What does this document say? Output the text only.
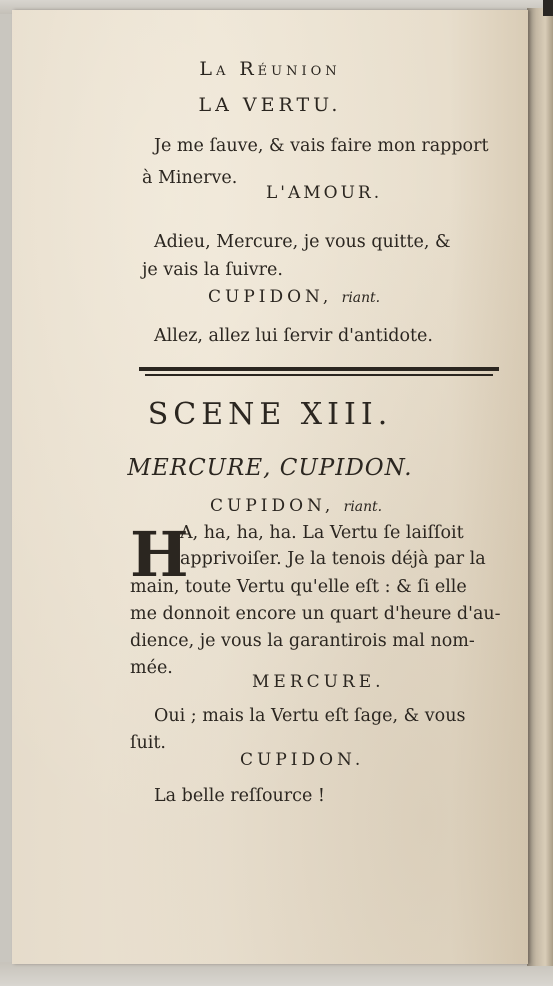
La Réunion
LA VERTU.
Je me ſauve, & vais faire mon rapport
à Minerve.
L'AMOUR.
Adieu, Mercure, je vous quitte, &
je vais la ſuivre.
CUPIDON, riant.
Allez, allez lui ſervir d'antidote.
SCENE XIII.
MERCURE, CUPIDON.
CUPIDON, riant.
H
A, ha, ha, ha. La Vertu ſe laiſſoit
apprivoiſer. Je la tenois déjà par la
main, toute Vertu qu'elle eſt : & ſi elle
me donnoit encore un quart d'heure d'au-
dience, je vous la garantirois mal nom-
mée.
MERCURE.
Oui ; mais la Vertu eſt ſage, & vous
ſuit.
CUPIDON.
La belle reſſource !
